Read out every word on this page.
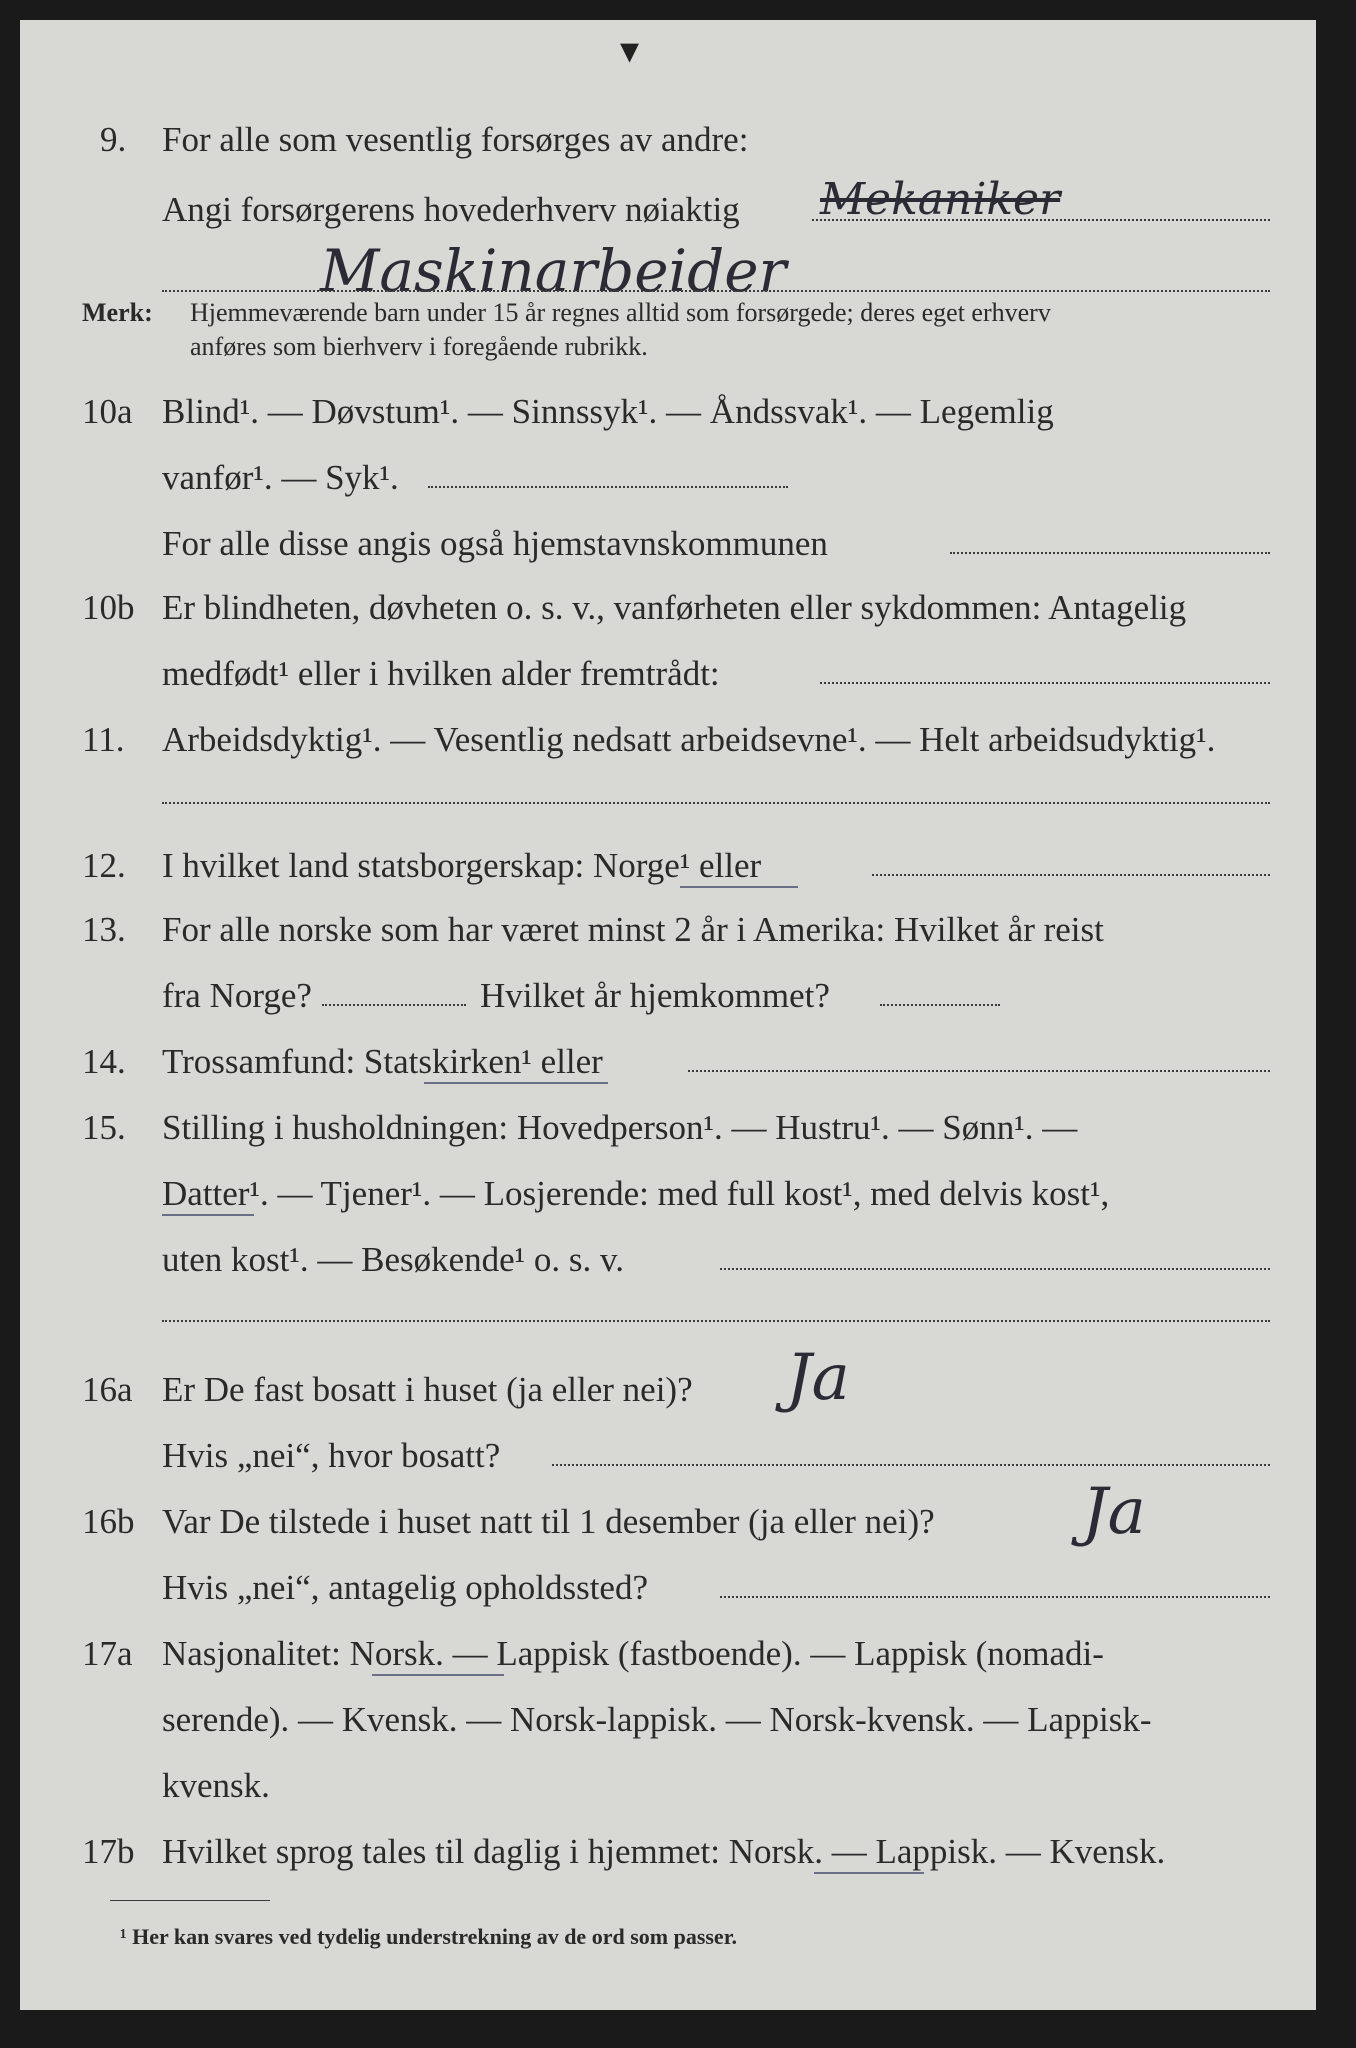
▾
9. For alle som vesentlig forsørges av andre:
Angi forsørgerens hovederhverv nøiaktig Mekaniker
Maskinarbeider
Merk: Hjemmeværende barn under 15 år regnes alltid som forsørgede; deres eget erhverv
anføres som bierhverv i foregående rubrikk.
10a Blind¹. — Døvstum¹. — Sinnssyk¹. — Åndssvak¹. — Legemlig
vanfør¹. — Syk¹.
For alle disse angis også hjemstavnskommunen
10b Er blindheten, døvheten o. s. v., vanførheten eller sykdommen: Antagelig
medfødt¹ eller i hvilken alder fremtrådt:
11. Arbeidsdyktig¹. — Vesentlig nedsatt arbeidsevne¹. — Helt arbeidsudyktig¹.
12. I hvilket land statsborgerskap: Norge¹ eller
13. For alle norske som har været minst 2 år i Amerika: Hvilket år reist
fra Norge?	Hvilket år hjemkommet?
14. Trossamfund: Statskirken¹ eller
15. Stilling i husholdningen: Hovedperson¹. — Hustru¹. — Sønn¹. —
Datter¹. — Tjener¹. — Losjerende: med full kost¹, med delvis kost¹,
uten kost¹. — Besøkende¹ o. s. v.
16a Er De fast bosatt i huset (ja eller nei)? Ja
Hvis „nei“, hvor bosatt?
16b Var De tilstede i huset natt til 1 desember (ja eller nei)? Ja
Hvis „nei“, antagelig opholdssted?
17a Nasjonalitet: Norsk. — Lappisk (fastboende). — Lappisk (nomadi-
serende). — Kvensk. — Norsk-lappisk. — Norsk-kvensk. — Lappisk-
kvensk.
17b Hvilket sprog tales til daglig i hjemmet: Norsk. — Lappisk. — Kvensk.
¹ Her kan svares ved tydelig understrekning av de ord som passer.
